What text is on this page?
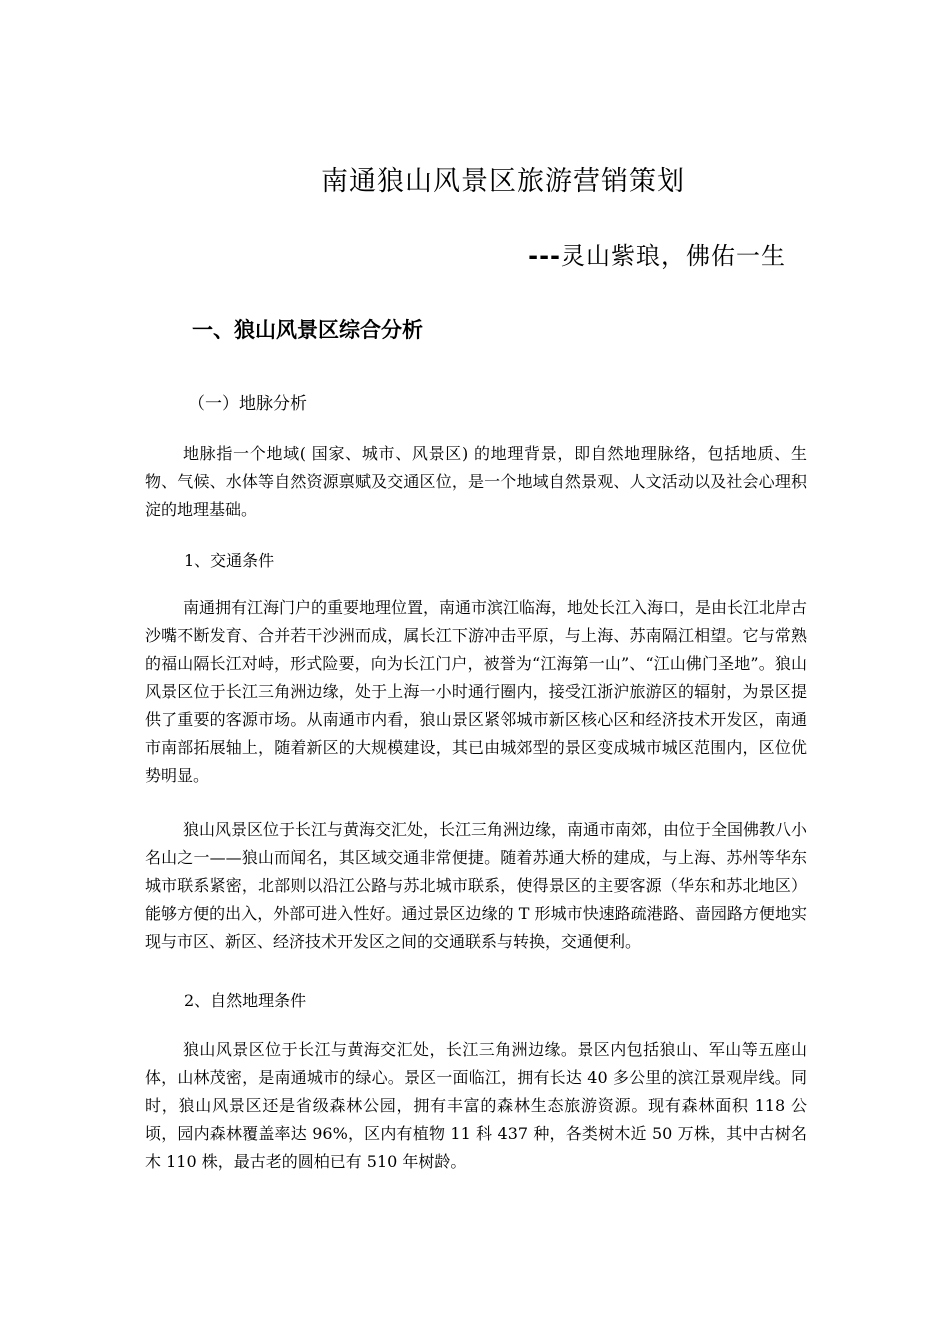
南通狼山风景区旅游营销策划
---灵山紫琅，佛佑一生
一、狼山风景区综合分析
（一）地脉分析

地脉指一个地域( 国家、城市、风景区) 的地理背景，即自然地理脉络，包括地质、生物、气候、水体等自然资源禀赋及交通区位，是一个地域自然景观、人文活动以及社会心理积淀的地理基础。

1、交通条件

南通拥有江海门户的重要地理位置，南通市滨江临海，地处长江入海口，是由长江北岸古沙嘴不断发育、合并若干沙洲而成，属长江下游冲击平原，与上海、苏南隔江相望。它与常熟的福山隔长江对峙，形式险要，向为长江门户，被誉为“江海第一山”、“江山佛门圣地”。狼山风景区位于长江三角洲边缘，处于上海一小时通行圈内，接受江浙沪旅游区的辐射，为景区提供了重要的客源市场。从南通市内看，狼山景区紧邻城市新区核心区和经济技术开发区，南通市南部拓展轴上，随着新区的大规模建设，其已由城郊型的景区变成城市城区范围内，区位优势明显。

狼山风景区位于长江与黄海交汇处，长江三角洲边缘，南通市南郊，由位于全国佛教八小名山之一——狼山而闻名，其区域交通非常便捷。随着苏通大桥的建成，与上海、苏州等华东城市联系紧密，北部则以沿江公路与苏北城市联系，使得景区的主要客源（华东和苏北地区）能够方便的出入，外部可进入性好。通过景区边缘的 T 形城市快速路疏港路、啬园路方便地实现与市区、新区、经济技术开发区之间的交通联系与转换，交通便利。

2、自然地理条件

狼山风景区位于长江与黄海交汇处，长江三角洲边缘。景区内包括狼山、军山等五座山体，山林茂密，是南通城市的绿心。景区一面临江，拥有长达 40 多公里的滨江景观岸线。同时，狼山风景区还是省级森林公园，拥有丰富的森林生态旅游资源。现有森林面积 118 公顷，园内森林覆盖率达 96%，区内有植物 11 科 437 种，各类树木近 50 万株，其中古树名木 110 株，最古老的圆柏已有 510 年树龄。
